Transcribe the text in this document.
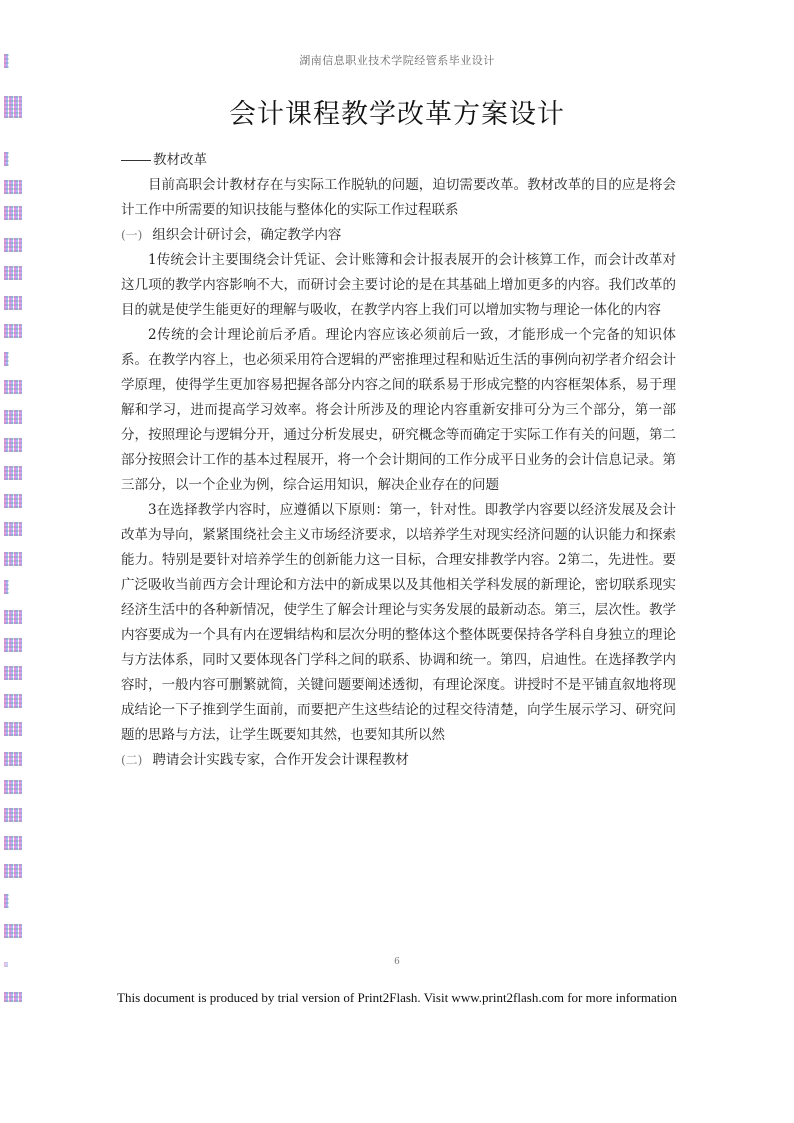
湖南信息职业技术学院经管系毕业设计
会计课程教学改革方案设计

教材改革

目前高职会计教材存在与实际工作脱轨的问题，迫切需要改革。教材改革的目的应是将会计工作中所需要的知识技能与整体化的实际工作过程联系

(一) 组织会计研讨会，确定教学内容

1传统会计主要围绕会计凭证、会计账簿和会计报表展开的会计核算工作，而会计改革对这几项的教学内容影响不大，而研讨会主要讨论的是在其基础上增加更多的内容。我们改革的目的就是使学生能更好的理解与吸收，在教学内容上我们可以增加实物与理论一体化的内容

2传统的会计理论前后矛盾。理论内容应该必须前后一致，才能形成一个完备的知识体系。在教学内容上，也必须采用符合逻辑的严密推理过程和贴近生活的事例向初学者介绍会计学原理，使得学生更加容易把握各部分内容之间的联系易于形成完整的内容框架体系，易于理解和学习，进而提高学习效率。将会计所涉及的理论内容重新安排可分为三个部分，第一部分，按照理论与逻辑分开，通过分析发展史，研究概念等而确定于实际工作有关的问题，第二部分按照会计工作的基本过程展开，将一个会计期间的工作分成平日业务的会计信息记录。第三部分，以一个企业为例，综合运用知识，解决企业存在的问题

3在选择教学内容时，应遵循以下原则：第一，针对性。即教学内容要以经济发展及会计改革为导向，紧紧围绕社会主义市场经济要求，以培养学生对现实经济问题的认识能力和探索能力。特别是要针对培养学生的创新能力这一目标，合理安排教学内容。2第二，先进性。要广泛吸收当前西方会计理论和方法中的新成果以及其他相关学科发展的新理论，密切联系现实经济生活中的各种新情况，使学生了解会计理论与实务发展的最新动态。第三，层次性。教学内容要成为一个具有内在逻辑结构和层次分明的整体这个整体既要保持各学科自身独立的理论与方法体系，同时又要体现各门学科之间的联系、协调和统一。第四，启迪性。在选择教学内容时，一般内容可删繁就简，关键问题要阐述透彻，有理论深度。讲授时不是平铺直叙地将现成结论一下子推到学生面前，而要把产生这些结论的过程交待清楚，向学生展示学习、研究问题的思路与方法，让学生既要知其然，也要知其所以然

(二) 聘请会计实践专家，合作开发会计课程教材

6
This document is produced by trial version of Print2Flash. Visit www.print2flash.com for more information
